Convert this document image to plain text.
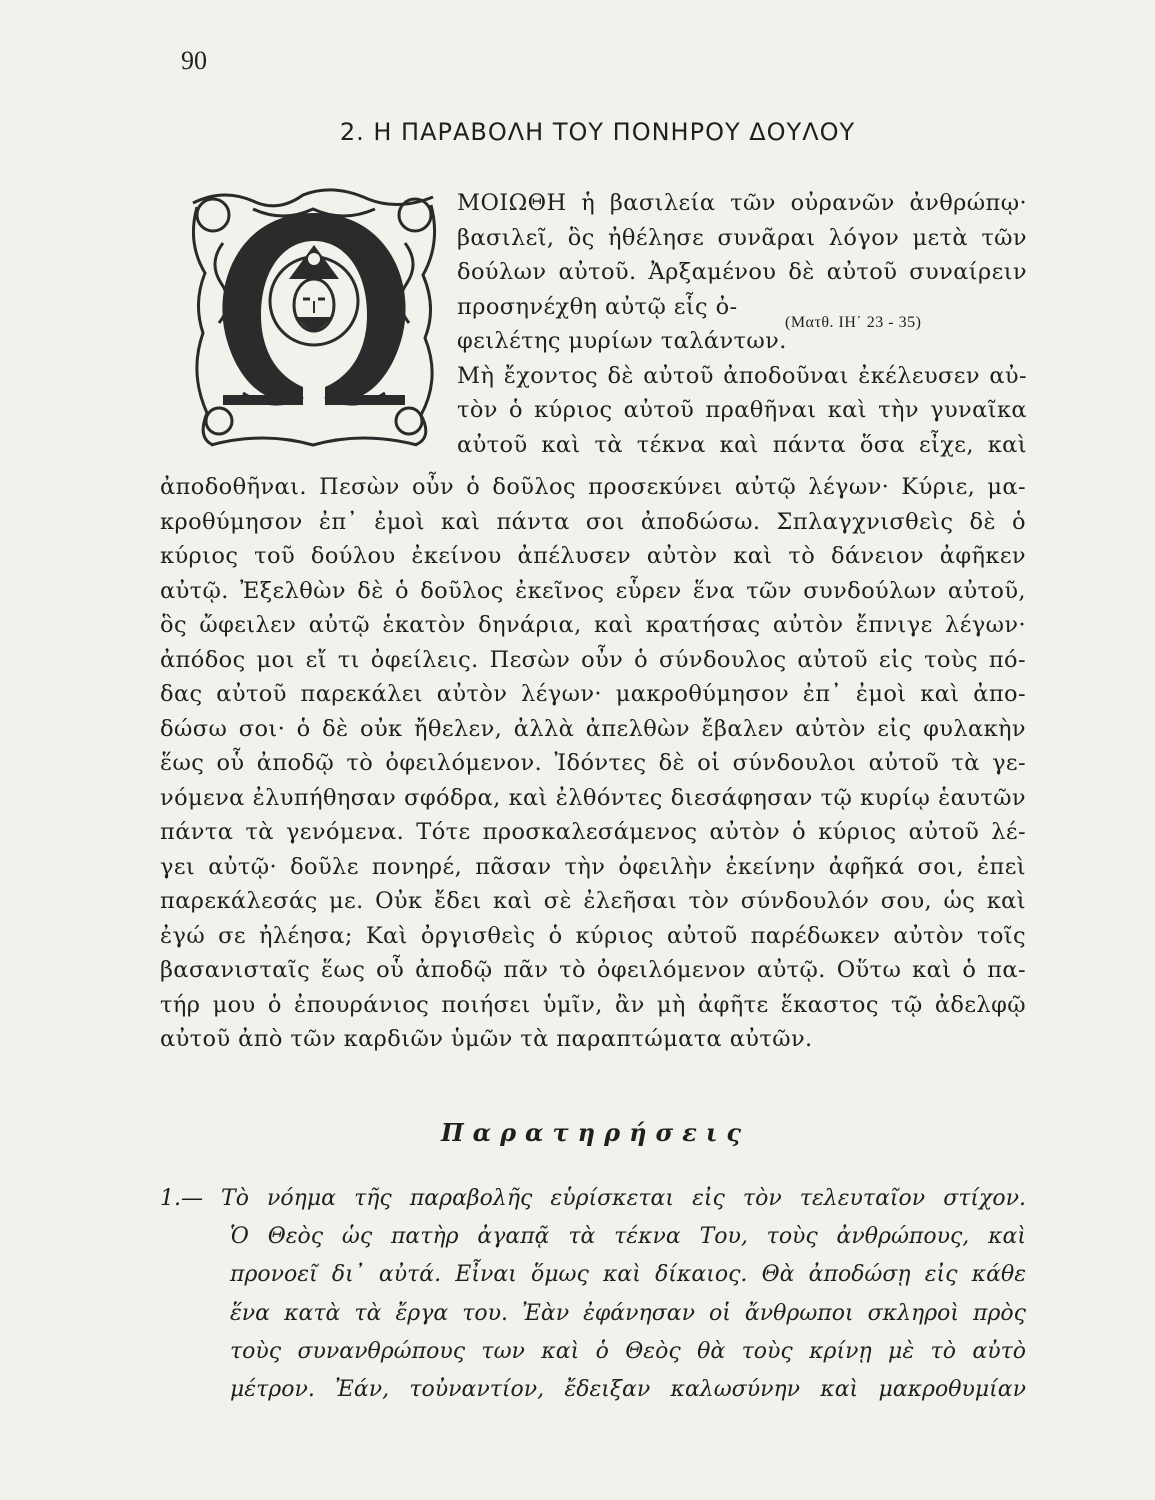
90
2. Η ΠΑΡΑΒΟΛΗ ΤΟΥ ΠΟΝΗΡΟΥ ΔΟΥΛΟΥ
ΜΟΙΩΘΗ ἡ βασιλεία τῶν οὐρανῶν ἀνθρώπῳ·
βασιλεῖ, ὃς ἠθέλησε συνᾶραι λόγον μετὰ τῶν
δούλων αὐτοῦ. Ἀρξαμένου δὲ αὐτοῦ συναίρειν
προσηνέχθη αὐτῷ εἷς ὀ-
φειλέτης μυρίων ταλάντων.
Μὴ ἔχοντος δὲ αὐτοῦ ἀποδοῦναι ἐκέλευσεν αὐ-
τὸν ὁ κύριος αὐτοῦ πραθῆναι καὶ τὴν γυναῖκα
αὐτοῦ καὶ τὰ τέκνα καὶ πάντα ὅσα εἶχε, καὶ
(Ματθ. ΙΗ΄ 23 - 35)
ἀποδοθῆναι. Πεσὼν οὖν ὁ δοῦλος προσεκύνει αὐτῷ λέγων· Κύριε, μα-
κροθύμησον ἐπ᾿ ἐμοὶ καὶ πάντα σοι ἀποδώσω. Σπλαγχνισθεὶς δὲ ὁ
κύριος τοῦ δούλου ἐκείνου ἀπέλυσεν αὐτὸν καὶ τὸ δάνειον ἀφῆκεν
αὐτῷ. Ἐξελθὼν δὲ ὁ δοῦλος ἐκεῖνος εὗρεν ἕνα τῶν συνδούλων αὐτοῦ,
ὃς ὤφειλεν αὐτῷ ἑκατὸν δηνάρια, καὶ κρατήσας αὐτὸν ἔπνιγε λέγων·
ἀπόδος μοι εἴ τι ὀφείλεις. Πεσὼν οὖν ὁ σύνδουλος αὐτοῦ εἰς τοὺς πό-
δας αὐτοῦ παρεκάλει αὐτὸν λέγων· μακροθύμησον ἐπ᾿ ἐμοὶ καὶ ἀπο-
δώσω σοι· ὁ δὲ οὐκ ἤθελεν, ἀλλὰ ἀπελθὼν ἔβαλεν αὐτὸν εἰς φυλακὴν
ἕως οὗ ἀποδῷ τὸ ὀφειλόμενον. Ἰδόντες δὲ οἱ σύνδουλοι αὐτοῦ τὰ γε-
νόμενα ἐλυπήθησαν σφόδρα, καὶ ἐλθόντες διεσάφησαν τῷ κυρίῳ ἑαυτῶν
πάντα τὰ γενόμενα. Τότε προσκαλεσάμενος αὐτὸν ὁ κύριος αὐτοῦ λέ-
γει αὐτῷ· δοῦλε πονηρέ, πᾶσαν τὴν ὀφειλὴν ἐκείνην ἀφῆκά σοι, ἐπεὶ
παρεκάλεσάς με. Οὐκ ἔδει καὶ σὲ ἐλεῆσαι τὸν σύνδουλόν σου, ὡς καὶ
ἐγώ σε ἠλέησα; Καὶ ὀργισθεὶς ὁ κύριος αὐτοῦ παρέδωκεν αὐτὸν τοῖς
βασανισταῖς ἕως οὗ ἀποδῷ πᾶν τὸ ὀφειλόμενον αὐτῷ. Οὕτω καὶ ὁ πα-
τήρ μου ὁ ἐπουράνιος ποιήσει ὑμῖν, ἂν μὴ ἀφῆτε ἕκαστος τῷ ἀδελφῷ
αὐτοῦ ἀπὸ τῶν καρδιῶν ὑμῶν τὰ παραπτώματα αὐτῶν.
Παρατηρήσεις
1.— Τὸ νόημα τῆς παραβολῆς εὑρίσκεται εἰς τὸν τελευταῖον στίχον.
Ὁ Θεὸς ὡς πατὴρ ἀγαπᾷ τὰ τέκνα Του, τοὺς ἀνθρώπους, καὶ
προνοεῖ δι᾿ αὐτά. Εἶναι ὅμως καὶ δίκαιος. Θὰ ἀποδώσῃ εἰς κάθε
ἕνα κατὰ τὰ ἔργα του. Ἐὰν ἐφάνησαν οἱ ἄνθρωποι σκληροὶ πρὸς
τοὺς συνανθρώπους των καὶ ὁ Θεὸς θὰ τοὺς κρίνῃ μὲ τὸ αὐτὸ
μέτρον. Ἐάν, τοὐναντίον, ἔδειξαν καλωσύνην καὶ μακροθυμίαν
